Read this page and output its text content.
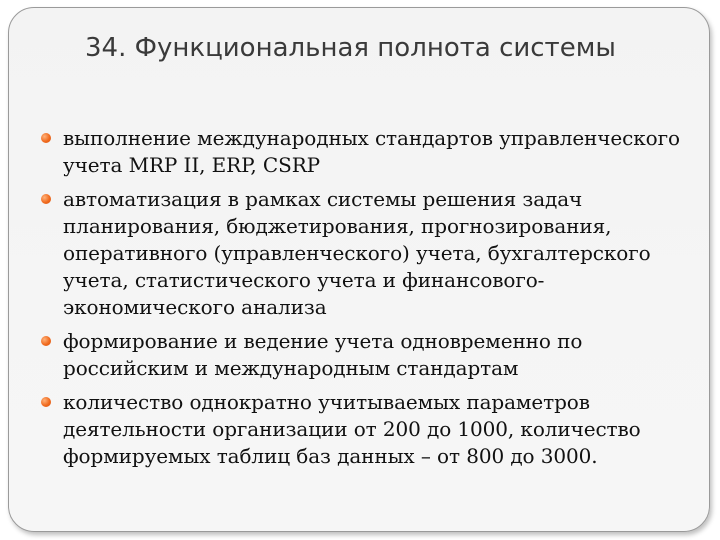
34. Функциональная полнота системы
выполнение международных стандартов управленческого учета MRP II, ERP, CSRP
автоматизация в рамках системы решения задач планирования, бюджетирования, прогнозирования, оперативного (управленческого) учета, бухгалтерского учета, статистического учета и финансового-экономического анализа
формирование и ведение учета одновременно по российским и международным стандартам
количество однократно учитываемых параметров деятельности организации от 200 до 1000, количество формируемых таблиц баз данных – от 800 до 3000.
